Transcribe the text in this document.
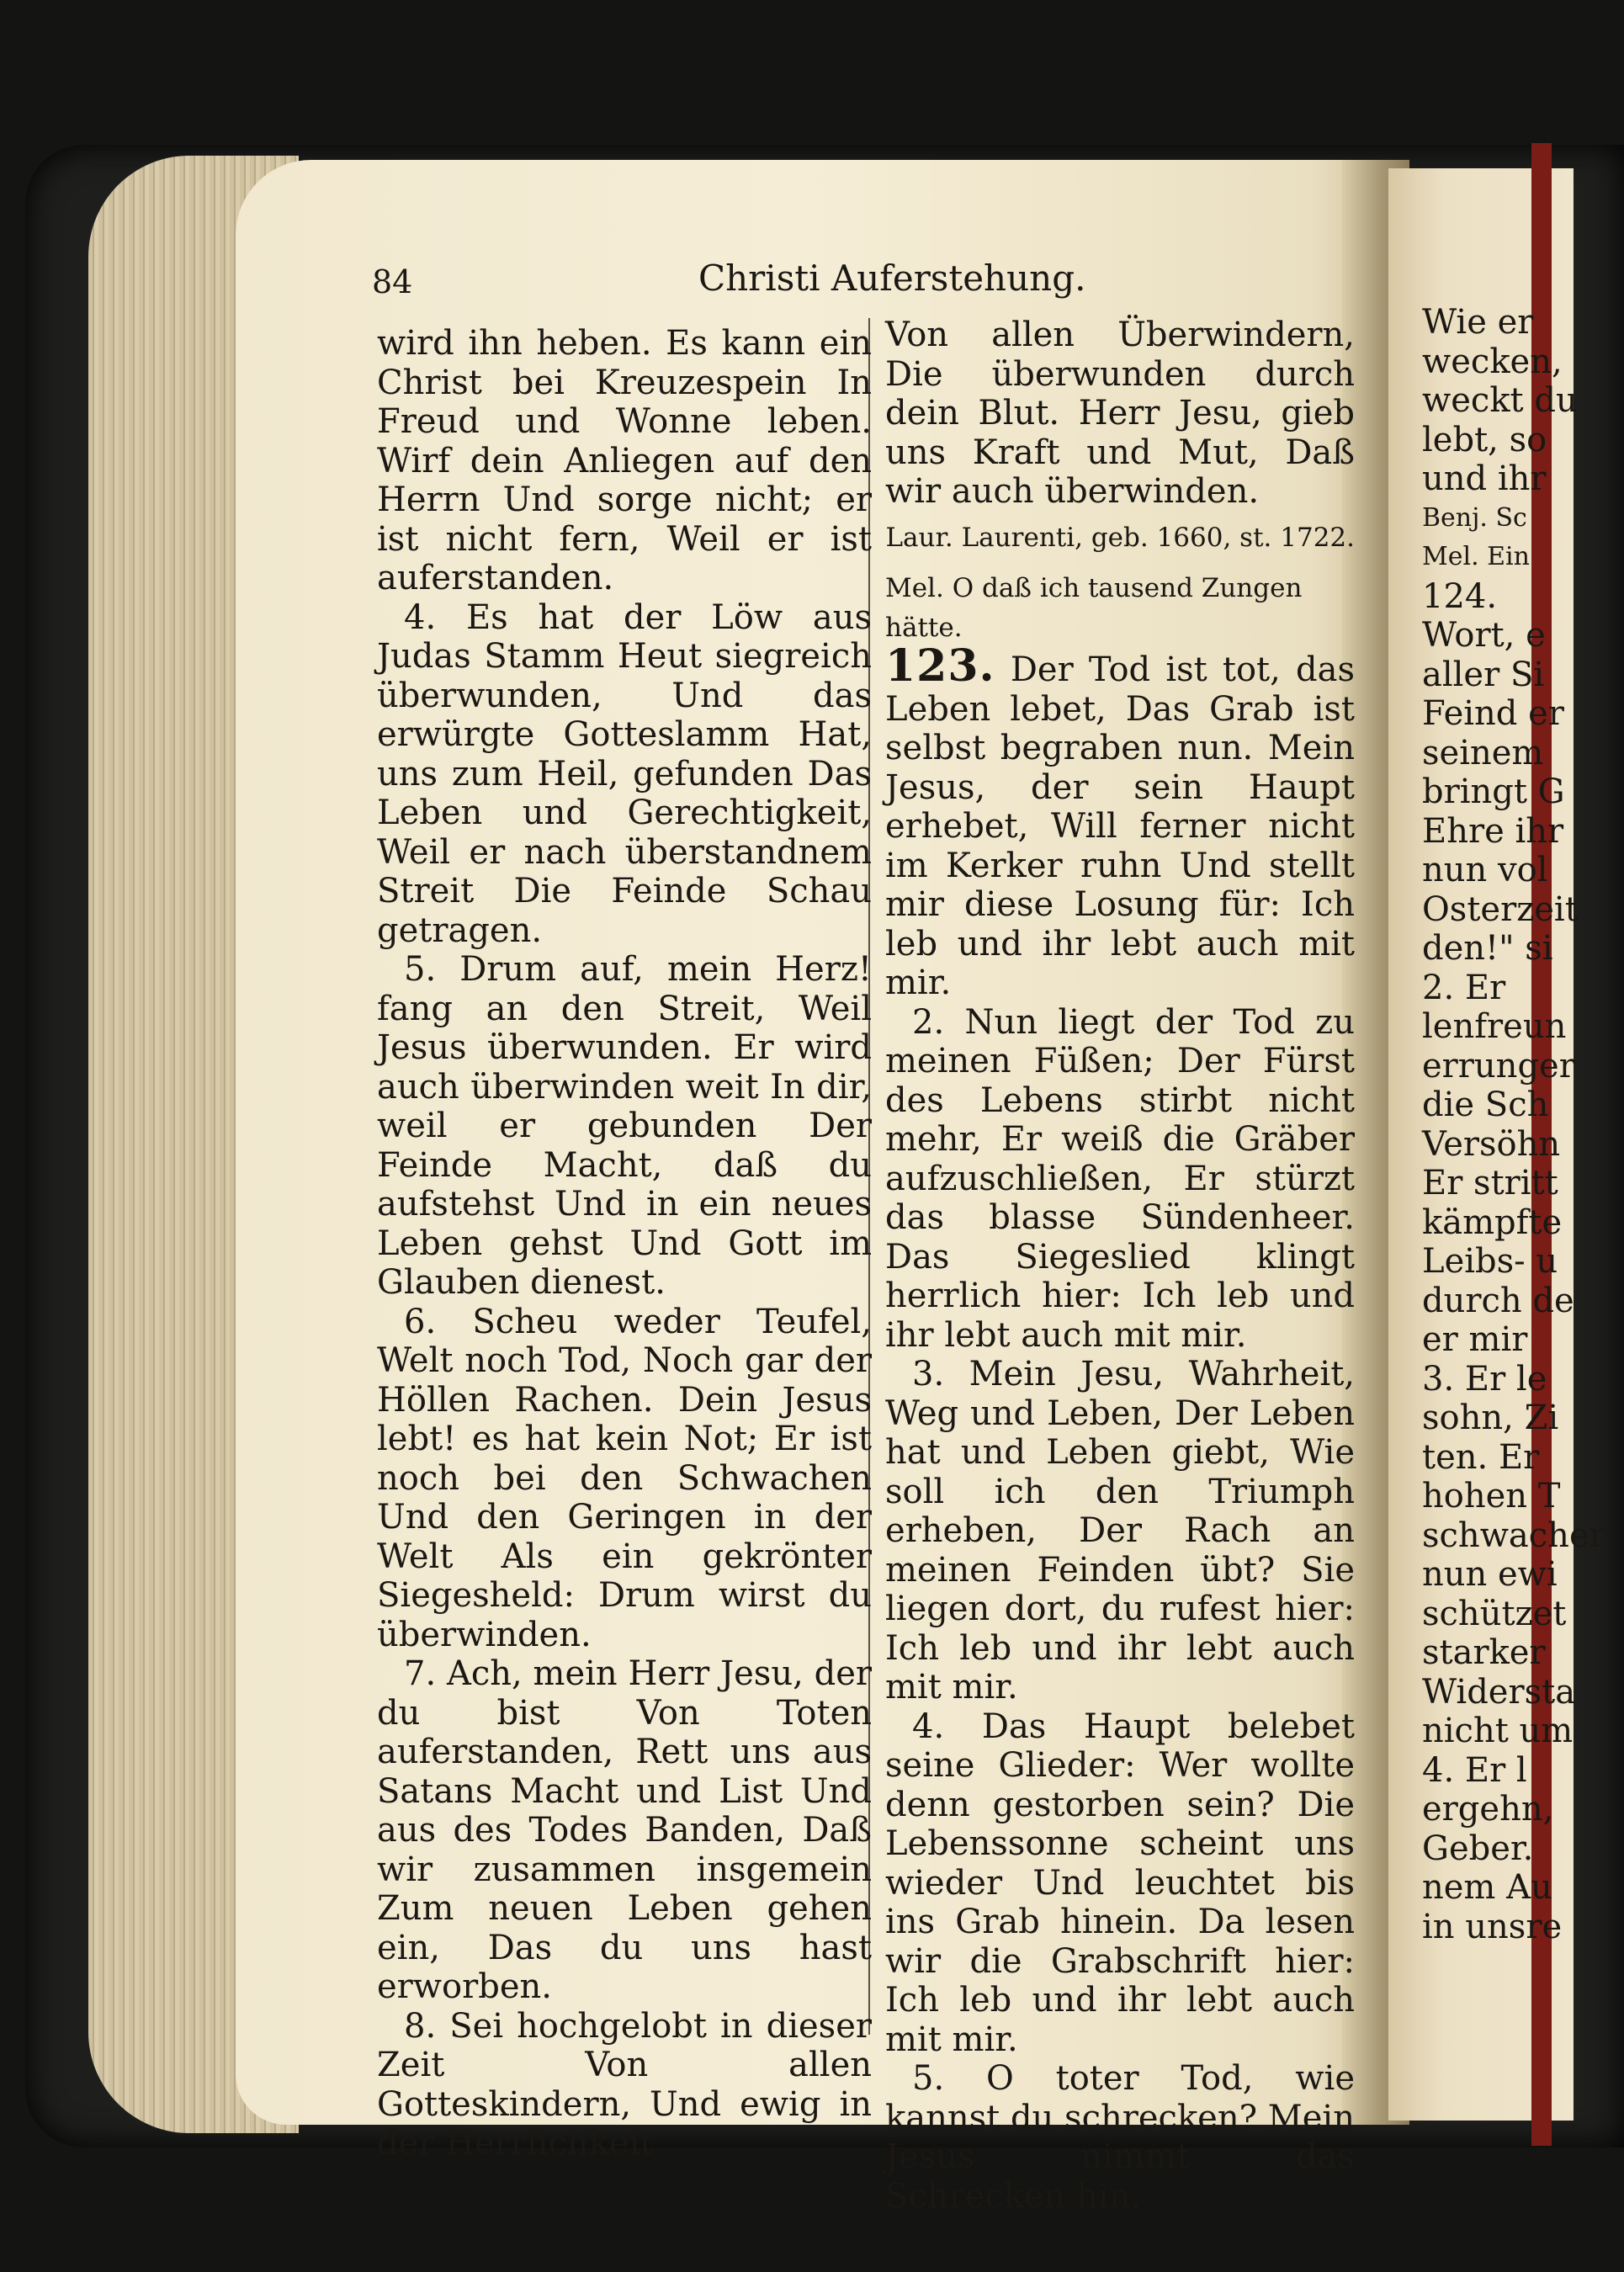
84	Christi Auferstehung.

wird ihn heben. Es kann ein Christ bei Kreuzespein In Freud und Wonne leben. Wirf dein Anliegen auf den Herrn Und sorge nicht; er ist nicht fern, Weil er ist auferstanden.

4. Es hat der Löw aus Judas Stamm Heut siegreich überwunden, Und das erwürgte Gotteslamm Hat, uns zum Heil, gefunden Das Leben und Gerechtigkeit, Weil er nach überstandnem Streit Die Feinde Schau getragen.

5. Drum auf, mein Herz! fang an den Streit, Weil Jesus überwunden. Er wird auch überwinden weit In dir, weil er gebunden Der Feinde Macht, daß du aufstehst Und in ein neues Leben gehst Und Gott im Glauben dienest.

6. Scheu weder Teufel, Welt noch Tod, Noch gar der Höllen Rachen. Dein Jesus lebt! es hat kein Not; Er ist noch bei den Schwachen Und den Geringen in der Welt Als ein gekrönter Siegesheld: Drum wirst du überwinden.

7. Ach, mein Herr Jesu, der du bist Von Toten auferstanden, Rett uns aus Satans Macht und List Und aus des Todes Banden, Daß wir zusammen insgemein Zum neuen Leben gehen ein, Das du uns hast erworben.

8. Sei hochgelobt in dieser Zeit Von allen Gotteskindern, Und ewig in der Herrlichkeit

Von allen Überwindern, Die überwunden durch dein Blut. Herr Jesu, gieb uns Kraft und Mut, Daß wir auch überwinden.

Laur. Laurenti, geb. 1660, st. 1722.

Mel. O daß ich tausend Zungen hätte.

123. Der Tod ist tot, das Leben lebet, Das Grab ist selbst begraben nun. Mein Jesus, der sein Haupt erhebet, Will ferner nicht im Kerker ruhn Und stellt mir diese Losung für: Ich leb und ihr lebt auch mit mir.

2. Nun liegt der Tod zu meinen Füßen; Der Fürst des Lebens stirbt nicht mehr, Er weiß die Gräber aufzuschließen, Er stürzt das blasse Sündenheer. Das Siegeslied klingt herrlich hier: Ich leb und ihr lebt auch mit mir.

3. Mein Jesu, Wahrheit, Weg und Leben, Der Leben hat und Leben giebt, Wie soll ich den Triumph erheben, Der Rach an meinen Feinden übt? Sie liegen dort, du rufest hier: Ich leb und ihr lebt auch mit mir.

4. Das Haupt belebet seine Glieder: Wer wollte denn gestorben sein? Die Lebenssonne scheint uns wieder Und leuchtet bis ins Grab hinein. Da lesen wir die Grabschrift hier: Ich leb und ihr lebt auch mit mir.

5. O toter Tod, wie kannst du schrecken? Mein Jesus nimmt das Schrecken hin.

Wie er

wecken,

weckt du

lebt, so

und ihr

Benj. Sc

Mel. Ein

124.

Wort, e

aller Si

Feind er

seinem

bringt G

Ehre ihr

nun vol

Osterzeit

den!" si

2. Er

lenfreun

errunger

die Sch

Versöhn

Er stritt

kämpfte

Leibs- u

durch de

er mir

3. Er le

sohn, Zi

ten. Er

hohen T

schwacher

nun ewi

schützet

starker

Widersta

nicht um

4. Er l

ergehn,

Geber.

nem Au

in unsre
